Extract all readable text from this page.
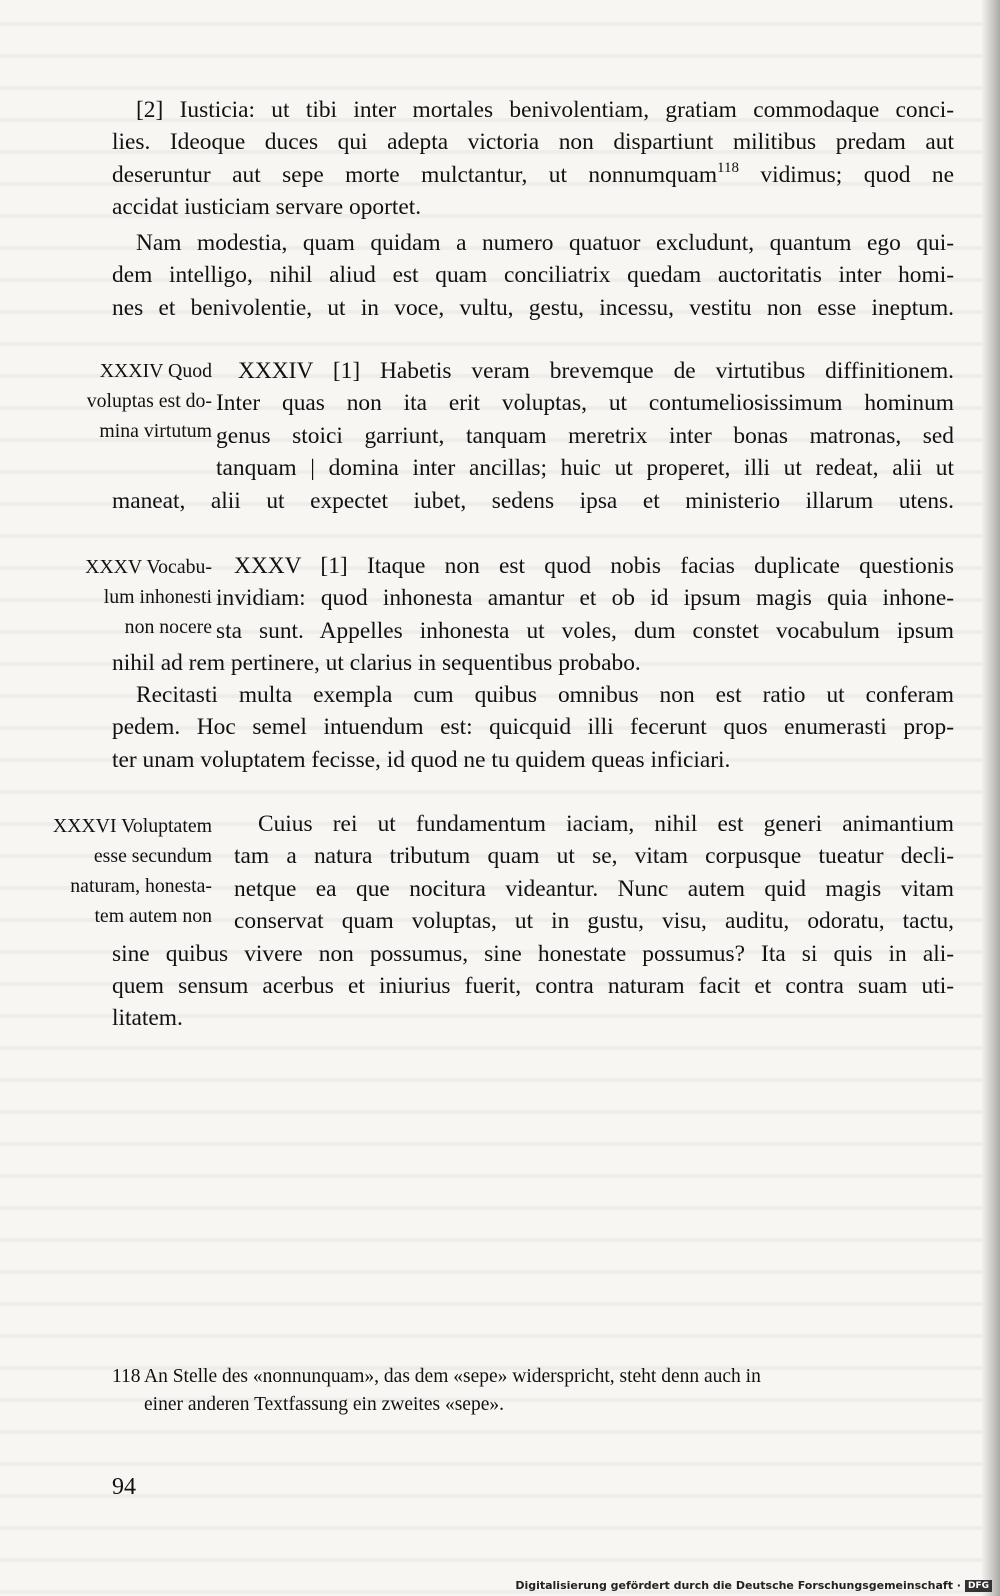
[2] Iusticia: ut tibi inter mortales benivolentiam, gratiam commodaque conci-
lies. Ideoque duces qui adepta victoria non dispartiunt militibus predam aut
deseruntur aut sepe morte mulctantur, ut nonnumquam$^{118}$ vidimus; quod ne
accidat iusticiam servare oportet.
Nam modestia, quam quidam a numero quatuor excludunt, quantum ego qui-
dem intelligo, nihil aliud est quam conciliatrix quedam auctoritatis inter homi-
nes et benivolentie, ut in voce, vultu, gestu, incessu, vestitu non esse ineptum.
XXXIV Quod
voluptas est do-
mina virtutum
XXXIV [1] Habetis veram brevemque de virtutibus diffinitionem.
Inter quas non ita erit voluptas, ut contumeliosissimum hominum
genus stoici garriunt, tanquam meretrix inter bonas matronas, sed
tanquam | domina inter ancillas; huic ut properet, illi ut redeat, alii ut
maneat, alii ut expectet iubet, sedens ipsa et ministerio illarum utens.
XXXV Vocabu-
lum inhonesti
non nocere
XXXV [1] Itaque non est quod nobis facias duplicate questionis
invidiam: quod inhonesta amantur et ob id ipsum magis quia inhone-
sta sunt. Appelles inhonesta ut voles, dum constet vocabulum ipsum
nihil ad rem pertinere, ut clarius in sequentibus probabo.
Recitasti multa exempla cum quibus omnibus non est ratio ut conferam
pedem. Hoc semel intuendum est: quicquid illi fecerunt quos enumerasti prop-
ter unam voluptatem fecisse, id quod ne tu quidem queas inficiari.
XXXVI Voluptatem
esse secundum
naturam, honesta-
tem autem non
Cuius rei ut fundamentum iaciam, nihil est generi animantium
tam a natura tributum quam ut se, vitam corpusque tueatur decli-
netque ea que nocitura videantur. Nunc autem quid magis vitam
conservat quam voluptas, ut in gustu, visu, auditu, odoratu, tactu,
sine quibus vivere non possumus, sine honestate possumus? Ita si quis in ali-
quem sensum acerbus et iniurius fuerit, contra naturam facit et contra suam uti-
litatem.
118 An Stelle des «nonnunquam», das dem «sepe» widerspricht, steht denn auch in
einer anderen Textfassung ein zweites «sepe».
94
Digitalisierung gefördert durch die Deutsche Forschungsgemeinschaft · DFG
